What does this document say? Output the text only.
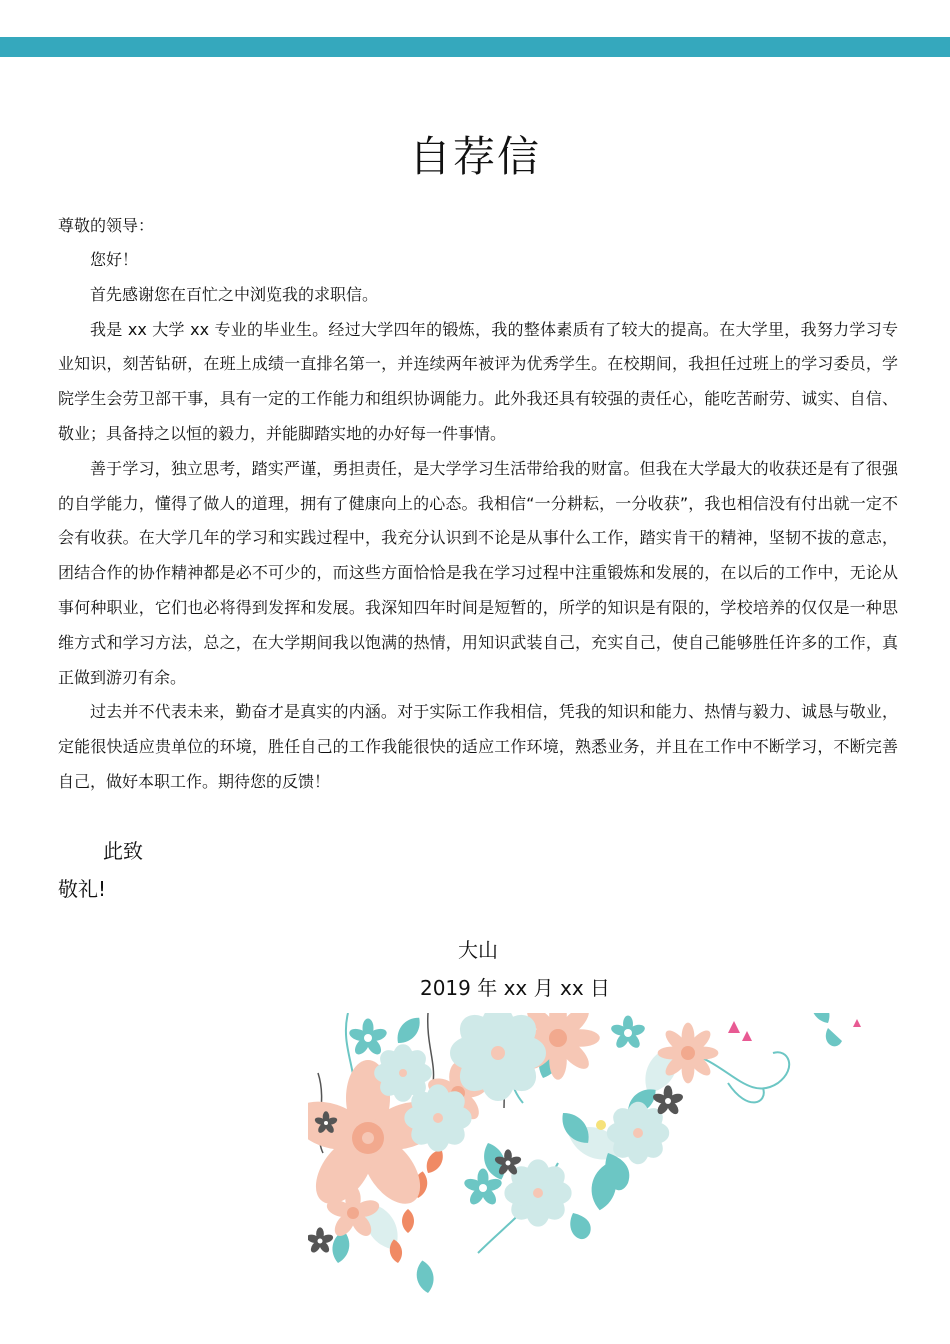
自荐信
尊敬的领导：

您好！

首先感谢您在百忙之中浏览我的求职信。

我是 xx 大学 xx 专业的毕业生。经过大学四年的锻炼，我的整体素质有了较大的提高。在大学里，我努力学习专业知识，刻苦钻研，在班上成绩一直排名第一，并连续两年被评为优秀学生。在校期间，我担任过班上的学习委员，学院学生会劳卫部干事，具有一定的工作能力和组织协调能力。此外我还具有较强的责任心，能吃苦耐劳、诚实、自信、敬业；具备持之以恒的毅力，并能脚踏实地的办好每一件事情。

善于学习，独立思考，踏实严谨，勇担责任，是大学学习生活带给我的财富。但我在大学最大的收获还是有了很强的自学能力，懂得了做人的道理，拥有了健康向上的心态。我相信“一分耕耘，一分收获”，我也相信没有付出就一定不会有收获。在大学几年的学习和实践过程中，我充分认识到不论是从事什么工作，踏实肯干的精神，坚韧不拔的意志，团结合作的协作精神都是必不可少的，而这些方面恰恰是我在学习过程中注重锻炼和发展的，在以后的工作中，无论从事何种职业，它们也必将得到发挥和发展。我深知四年时间是短暂的，所学的知识是有限的，学校培养的仅仅是一种思维方式和学习方法，总之，在大学期间我以饱满的热情，用知识武装自己，充实自己，使自己能够胜任许多的工作，真正做到游刃有余。

过去并不代表未来，勤奋才是真实的内涵。对于实际工作我相信，凭我的知识和能力、热情与毅力、诚恳与敬业，定能很快适应贵单位的环境，胜任自己的工作我能很快的适应工作环境，熟悉业务，并且在工作中不断学习，不断完善自己，做好本职工作。期待您的反馈！

此致
敬礼!
大山
2019 年 xx 月 xx 日
